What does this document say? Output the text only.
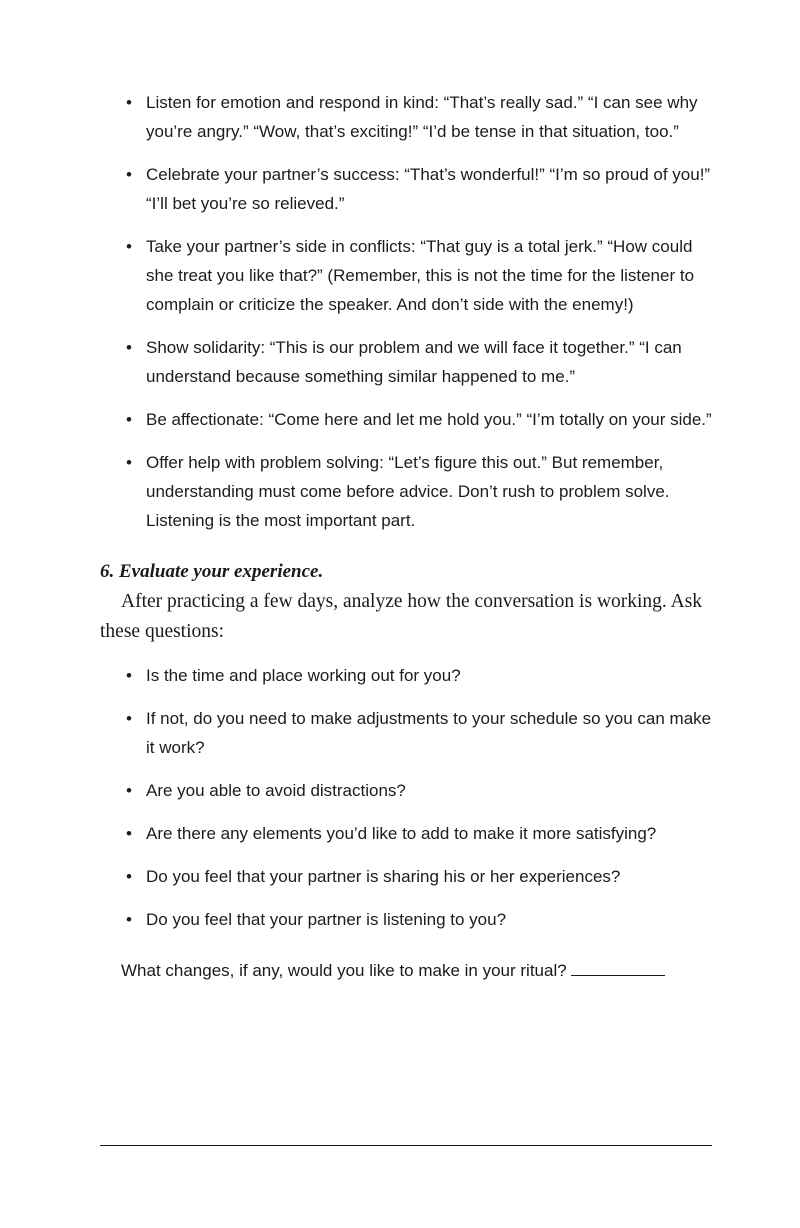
• Listen for emotion and respond in kind: “That’s really sad.” “I can see why you’re angry.” “Wow, that’s exciting!” “I’d be tense in that situation, too.”
• Celebrate your partner’s success: “That’s wonderful!” “I’m so proud of you!” “I’ll bet you’re so relieved.”
• Take your partner’s side in conflicts: “That guy is a total jerk.” “How could she treat you like that?” (Remember, this is not the time for the listener to complain or criticize the speaker. And don’t side with the enemy!)
• Show solidarity: “This is our problem and we will face it together.” “I can understand because something similar happened to me.”
• Be affectionate: “Come here and let me hold you.” “I’m totally on your side.”
• Offer help with problem solving: “Let’s figure this out.” But remember, understanding must come before advice. Don’t rush to problem solve. Listening is the most important part.
6. Evaluate your experience.

After practicing a few days, analyze how the conversation is working. Ask these questions:

• Is the time and place working out for you?
• If not, do you need to make adjustments to your schedule so you can make it work?
• Are you able to avoid distractions?
• Are there any elements you’d like to add to make it more satisfying?
• Do you feel that your partner is sharing his or her experiences?
• Do you feel that your partner is listening to you?

What changes, if any, would you like to make in your ritual?
